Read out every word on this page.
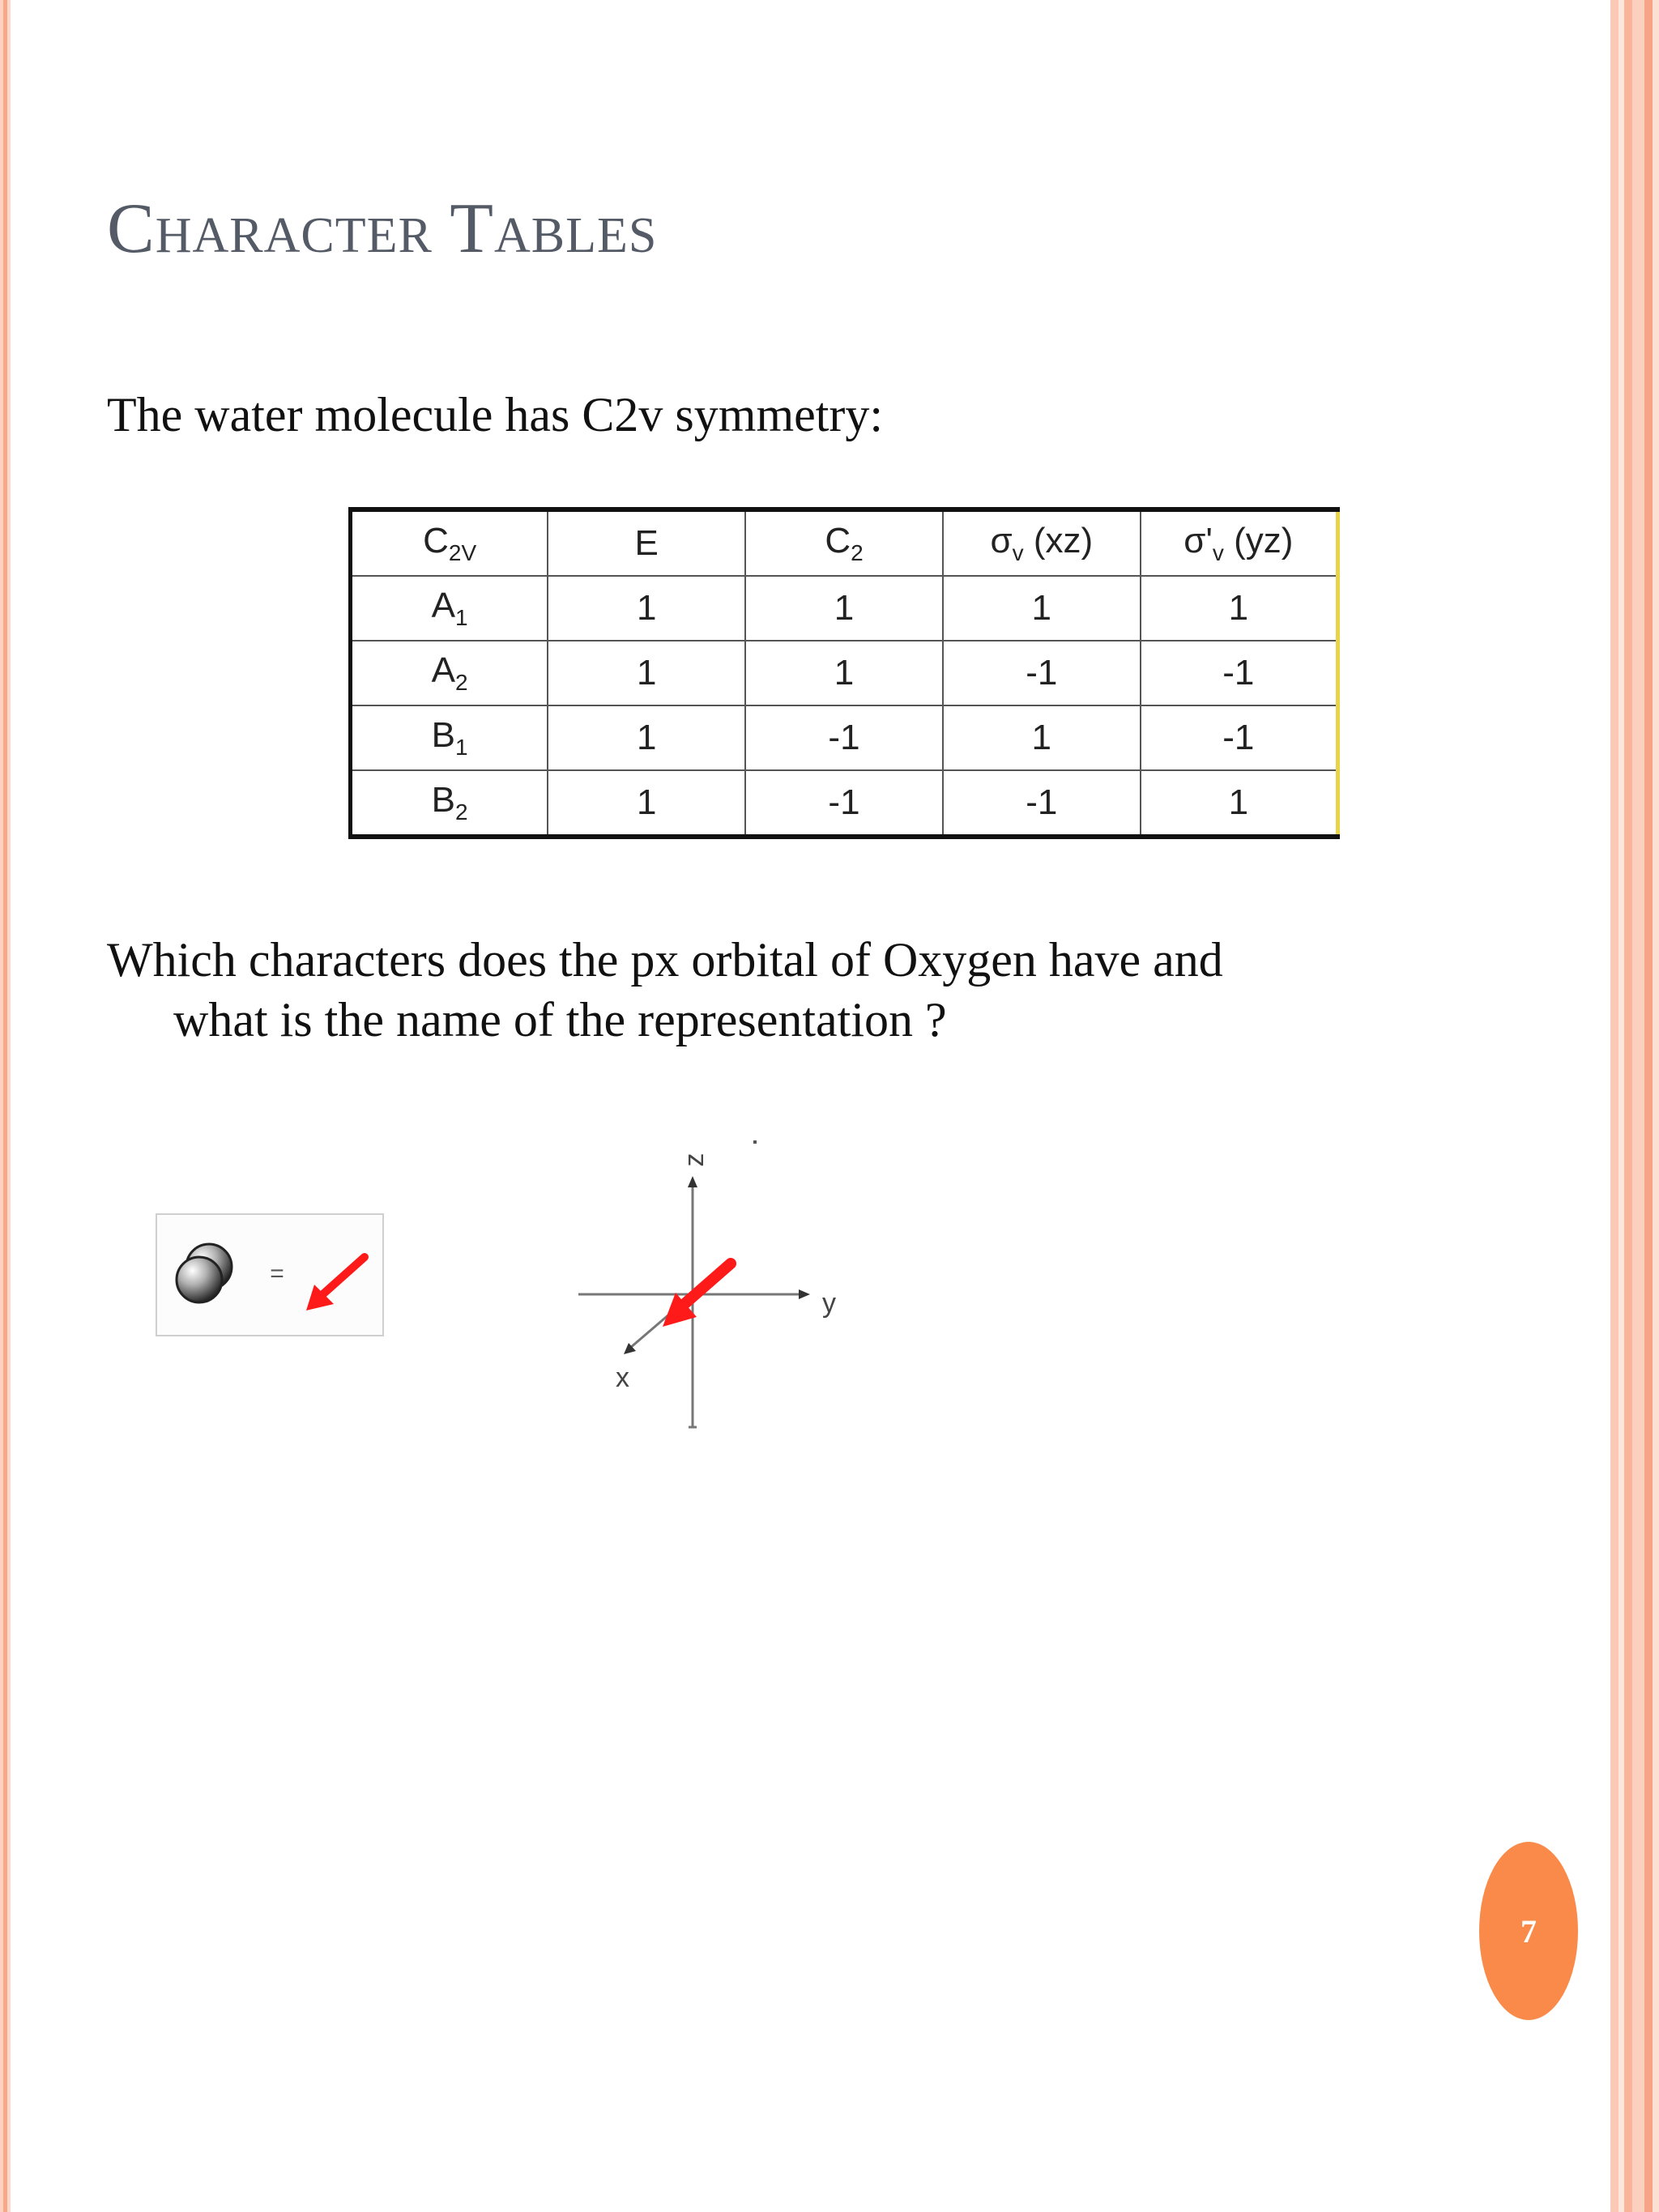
Character Tables
The water molecule has C2v symmetry:
$C_{2V}$	E	$C_2$	$\sigma_v$ (xz)	$\sigma'_v$ (yz)
$A_1$	1	1	1	1
$A_2$	1	1	-1	-1
$B_1$	1	-1	1	-1
$B_2$	1	-1	-1	1
Which characters does the px orbital of Oxygen have and
what is the name of the representation ?
=
z
y
x
7
